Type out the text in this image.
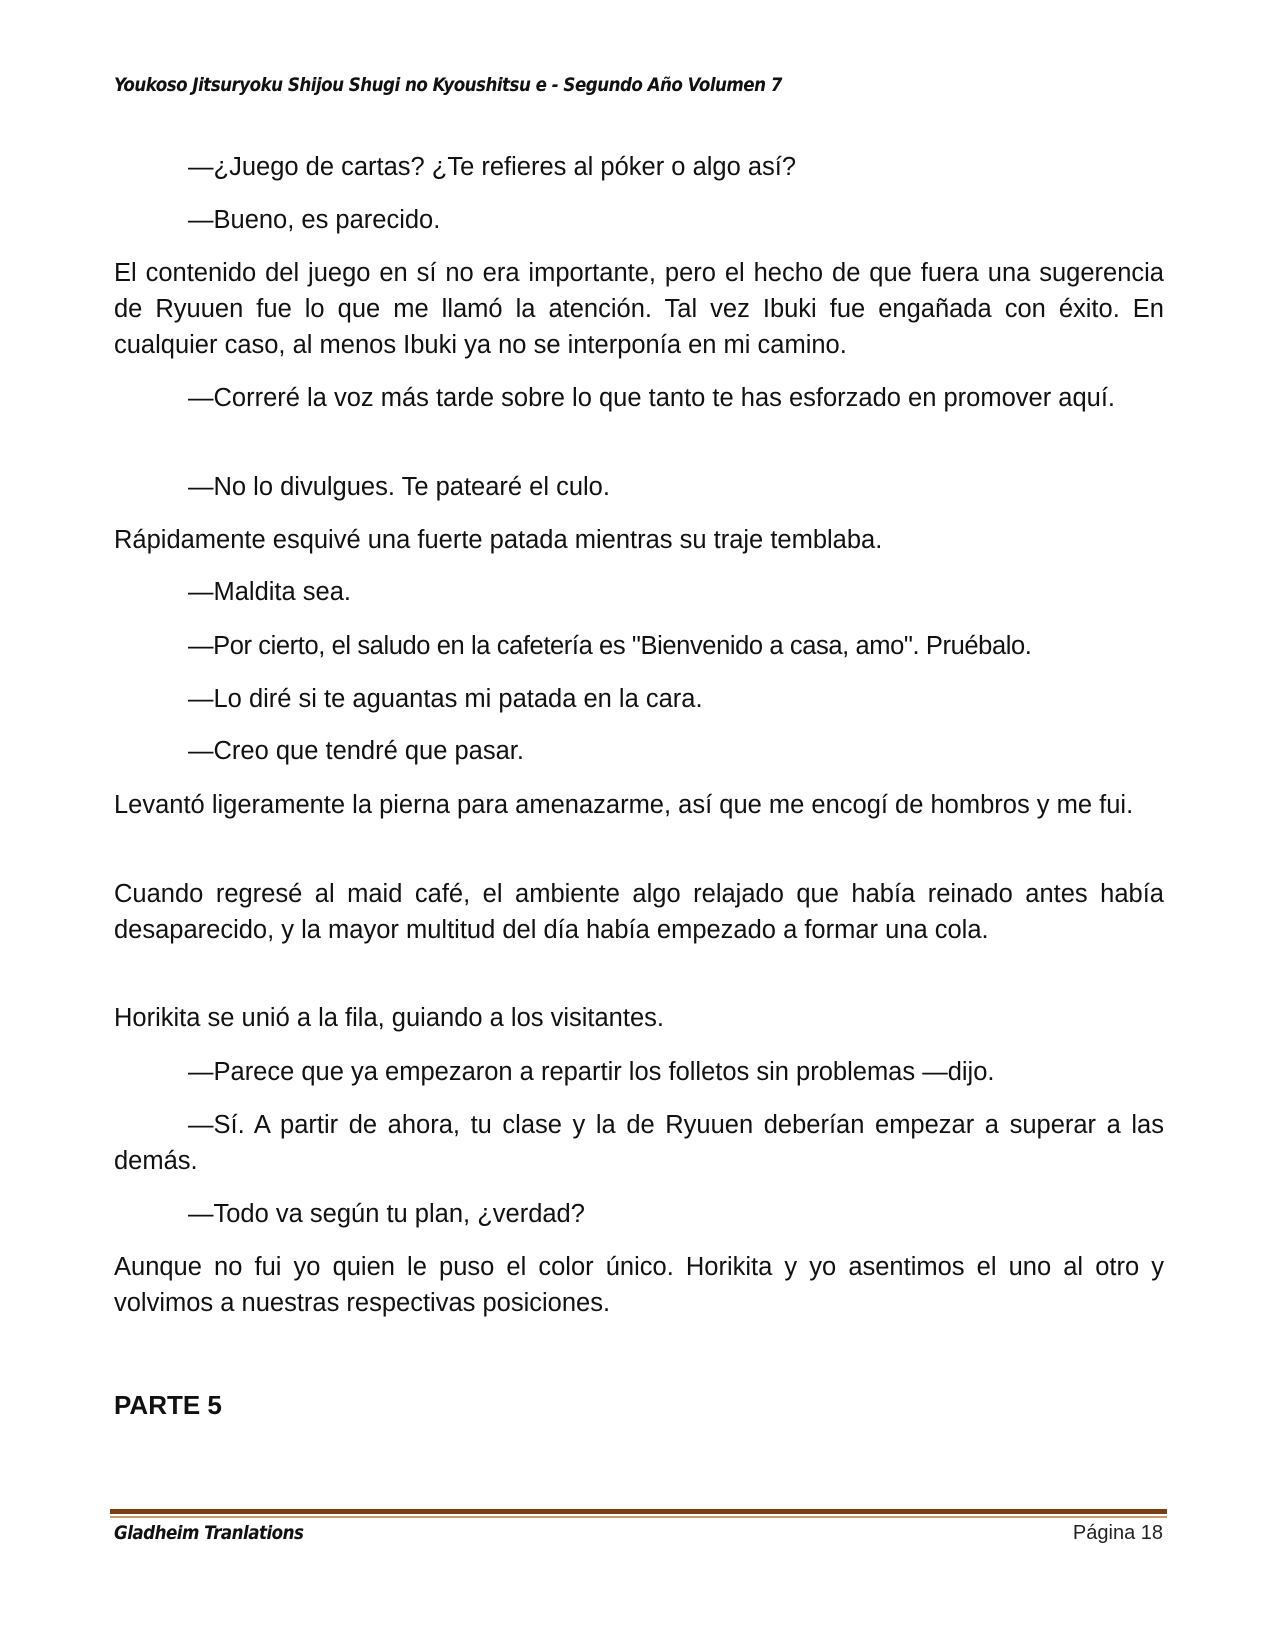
Youkoso Jitsuryoku Shijou Shugi no Kyoushitsu e - Segundo Año Volumen 7
—¿Juego de cartas? ¿Te refieres al póker o algo así?
—Bueno, es parecido.
El contenido del juego en sí no era importante, pero el hecho de que fuera una sugerencia de Ryuuen fue lo que me llamó la atención. Tal vez Ibuki fue engañada con éxito. En cualquier caso, al menos Ibuki ya no se interponía en mi camino.
—Correré la voz más tarde sobre lo que tanto te has esforzado en promover aquí.
—No lo divulgues. Te patearé el culo.
Rápidamente esquivé una fuerte patada mientras su traje temblaba.
—Maldita sea.
—Por cierto, el saludo en la cafetería es "Bienvenido a casa, amo". Pruébalo.
—Lo diré si te aguantas mi patada en la cara.
—Creo que tendré que pasar.
Levantó ligeramente la pierna para amenazarme, así que me encogí de hombros y me fui.
Cuando regresé al maid café, el ambiente algo relajado que había reinado antes había desaparecido, y la mayor multitud del día había empezado a formar una cola.
Horikita se unió a la fila, guiando a los visitantes.
—Parece que ya empezaron a repartir los folletos sin problemas —dijo.
—Sí. A partir de ahora, tu clase y la de Ryuuen deberían empezar a superar a las demás.
—Todo va según tu plan, ¿verdad?
Aunque no fui yo quien le puso el color único. Horikita y yo asentimos el uno al otro y volvimos a nuestras respectivas posiciones.
PARTE 5
Gladheim Tranlations	Página 18
